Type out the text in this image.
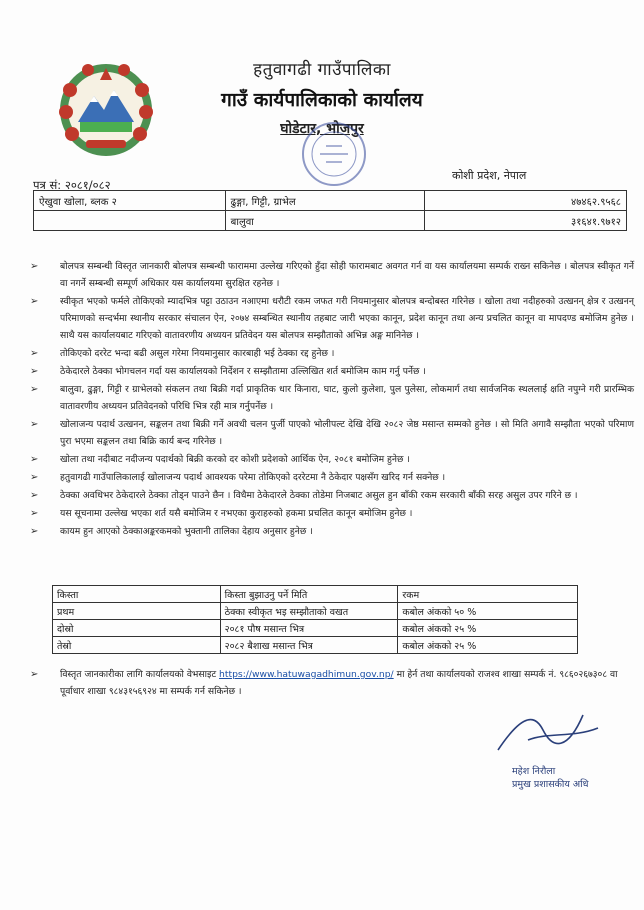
हतुवागढी गाउँपालिका
गाउँ कार्यपालिकाको कार्यालय
घोडेटार, भोजपुर
कोशी प्रदेश, नेपाल
पत्र सं: २०८१/०८२
ऐखुवा खोला, ब्लक २	ढुङ्गा, गिट्टी, ग्राभेल	४७४६२.९५६८
	बालुवा	३१६४१.९७१२
➢ बोलपत्र सम्बन्धी विस्तृत जानकारी बोलपत्र सम्बन्धी फाराममा उल्लेख गरिएको हुँदा सोही फारामबाट अवगत गर्न वा यस कार्यालयमा सम्पर्क राख्न सकिनेछ । बोलपत्र स्वीकृत गर्ने वा नगर्ने सम्बन्धी सम्पूर्ण अधिकार यस कार्यालयमा सुरक्षित रहनेछ ।
➢ स्वीकृत भएको फर्मले तोकिएको म्यादभित्र पट्टा उठाउन नआएमा धरौटी रकम जफत गरी नियमानुसार बोलपत्र बन्दोबस्त गरिनेछ । खोला तथा नदीहरुको उत्खनन् क्षेत्र र उत्खनन् परिमाणको सन्दर्भमा स्थानीय सरकार संचालन ऐन, २०७४ सम्बन्धित स्थानीय तहबाट जारी भएका कानून, प्रदेश कानून तथा अन्य प्रचलित कानून वा मापदण्ड बमोजिम हुनेछ । साथै यस कार्यालयबाट गरिएको वातावरणीय अध्ययन प्रतिवेदन यस बोलपत्र सम्झौताको अभिन्न अङ्ग मानिनेछ ।
➢ तोकिएको दररेट भन्दा बढी असुल गरेमा नियमानुसार कारबाही भई ठेक्का रद्द हुनेछ ।
➢ ठेकेदारले ठेक्का भोगचलन गर्दा यस कार्यालयको निर्देशन र सम्झौतामा उल्लिखित शर्त बमोजिम काम गर्नु पर्नेछ ।
➢ बालुवा, ढुङ्गा, गिट्टी र ग्राभेलको संकलन तथा बिक्री गर्दा प्राकृतिक धार किनारा, घाट, कुलो कुलेशा, पुल पुलेसा, लोकमार्ग तथा सार्वजनिक स्थललाई क्षति नपुग्ने गरी प्रारम्भिक वातावरणीय अध्ययन प्रतिवेदनको परिधि भित्र रही मात्र गर्नुपर्नेछ ।
➢ खोलाजन्य पदार्थ उत्खनन, सङ्कलन तथा बिक्री गर्ने अवधी चलन पुर्जी पाएको भोलीपल्ट देखि देखि २०८२ जेष्ठ मसान्त सम्मको हुनेछ । सो मिति अगावै सम्झौता भएको परिमाण पुरा भएमा सङ्कलन तथा बिक्रि कार्य बन्द गरिनेछ ।
➢ खोला तथा नदीबाट नदीजन्य पदार्थको बिक्री करको दर कोशी प्रदेशको आर्थिक ऐन, २०८१ बमोजिम हुनेछ ।
➢ हतुवागढी गाउँपालिकालाई खोलाजन्य पदार्थ आवश्यक परेमा तोकिएको दररेटमा नै ठेकेदार पक्षसँग खरिद गर्न सक्नेछ ।
➢ ठेक्का अवधिभर ठेकेदारले ठेक्का तोड्न पाउने छैन । विधैमा ठेकेदारले ठेक्का तोडेमा निजबाट असुल हुन बाँकी रकम सरकारी बाँकी सरह असुल उपर गरिने छ ।
➢ यस सूचनामा उल्लेख भएका शर्त यसै बमोजिम र नभएका कुराहरुको हकमा प्रचलित कानून बमोजिम हुनेछ ।
➢ कायम हुन आएको ठेक्काअङ्करकमको भुक्तानी तालिका देहाय अनुसार हुनेछ ।
किस्ता	किस्ता बुझाउनु पर्ने मिति	रकम
प्रथम	ठेक्का स्वीकृत भइ सम्झौताको वखत	कबोल अंकको ५० %
दोस्रो	२०८१ पौष मसान्त भित्र	कबोल अंकको २५ %
तेस्रो	२०८२ बैशाख मसान्त भित्र	कबोल अंकको २५ %
➢ विस्तृत जानकारीका लागि कार्यालयको वेभसाइट https://www.hatuwagadhimun.gov.np/ मा हेर्न तथा कार्यालयको राजश्व शाखा सम्पर्क नं. ९८६०२६७३०८ वा पूर्वाधार शाखा ९८४३१५६९२४ मा सम्पर्क गर्न सकिनेछ ।
महेश निरौला
प्रमुख प्रशासकीय अधि
